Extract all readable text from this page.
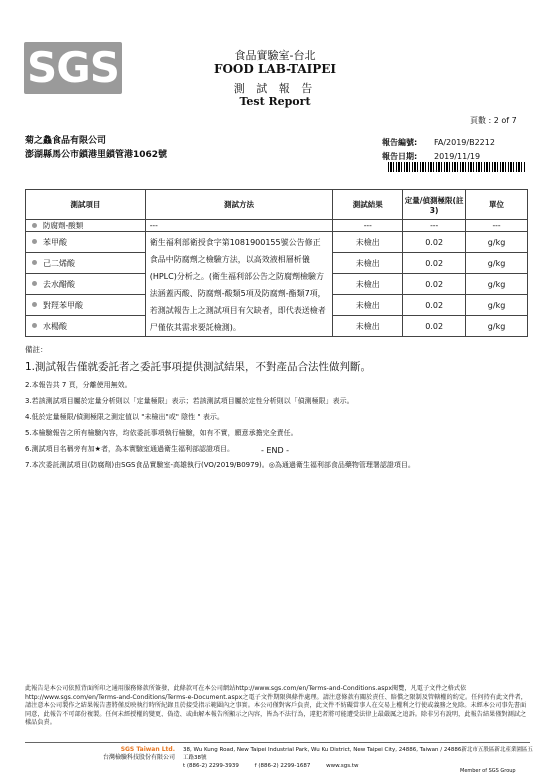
SGS	食品實驗室-台北
FOOD LAB-TAIPEI
測 試 報 告
Test Report
頁數 : 2 of 7
菊之鱻食品有限公司
澎湖縣馬公市鎖港里鎖管港1062號
報告編號: FA/2019/B2212
報告日期: 2019/11/19
測試項目	測試方法	測試結果	定量/偵測極限(註3)	單位
防腐劑-酸類	---	---	---	---
苯甲酸	衛生福利部衛授食字第1081900155號公告修正食品中防腐劑之檢驗方法，以高效液相層析儀(HPLC)分析之。(衛生福利部公告之防腐劑檢驗方法涵蓋丙酸、防腐劑-酸類5項及防腐劑-酯類7項，若測試報告上之測試項目有欠缺者，即代表送檢者尸僅依其需求要託檢測)。	未檢出	0.02	g/kg
己二烯酸		未檢出	0.02	g/kg
去水醋酸		未檢出	0.02	g/kg
對羥苯甲酸		未檢出	0.02	g/kg
水楊酸		未檢出	0.02	g/kg
備註：
1.測試報告僅就委託者之委託事項提供測試結果，不對產品合法性做判斷。
2.本報告共 7 頁，分離使用無效。
3.若該測試項目屬於定量分析則以「定量極限」表示；若該測試項目屬於定性分析則以「偵測極限」表示。
4.低於定量極限/偵測極限之測定值以 "未檢出"或" 陰性 " 表示。
5.本檢驗報告之所有檢驗內容，均依委託事項執行檢驗，如有不實，願意承擔完全責任。
6.測試項目名稱旁有加★者，為本實驗室通過衛生福利部認證項目。
7.本次委託測試項目(防腐劑)由SGS食品實驗室-高雄執行(VO/2019/B0979)。◎為通過衛生福利部食品藥物管理署認證項目。
- END -
此報告是本公司依照背面所印之通用服務條款所簽發，此條款可在本公司網站http://www.sgs.com/en/Terms-and-Conditions.aspx閱覽，凡電子文件之格式依http://www.sgs.com/en/Terms-and-Conditions/Terms-e-Document.aspx之電子文件期限與條件處理。請注意條款有關於責任、賠償之限制及管轄權的約定。任何持有此文件者，請注意本公司製作之結果報告書將僅反映執行時所紀錄且於接受指示範圍內之事實。本公司僅對客戶負責，此文件不妨礙當事人在交易上權利之行使或義務之免除。未經本公司事先書面同意，此報告不可部份複製。任何未經授權的變更、偽造、或曲解本報告所顯示之內容，皆為不法行為，違犯者將可能遭受法律上最嚴厲之追訴。除非另有說明，此報告結果僅對測試之樣品負責。
SGS Taiwan Ltd.
台灣檢驗科技股份有限公司
38, Wu Kung Road, New Taipei Industrial Park, Wu Ku District, New Taipei City, 24886, Taiwan / 24886新北市五股區新北產業園區五工路38號
t (886-2) 2299-3939	f (886-2) 2299-1687	www.sgs.tw
Member of SGS Group
